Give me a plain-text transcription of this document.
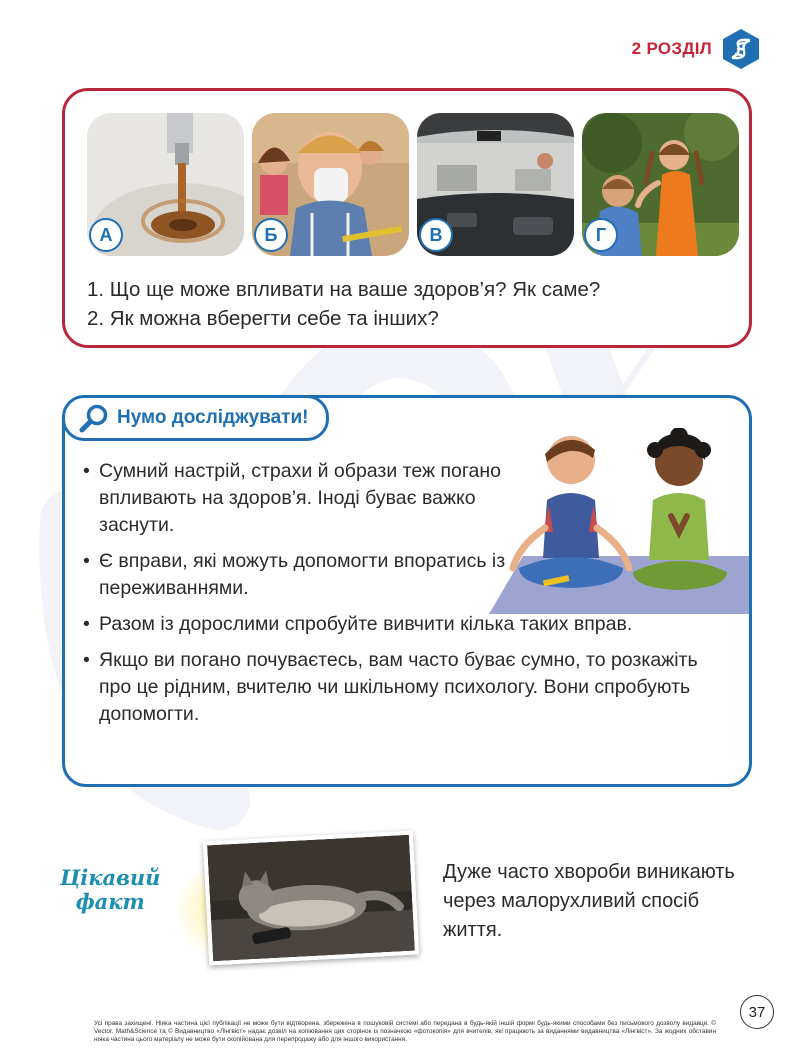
2 РОЗДІЛ
А	Б	В	Г
1. Що ще може впливати на ваше здоров’я? Як саме?
2. Як можна вберегти себе та інших?
Нумо досліджувати!
• Сумний настрій, страхи й образи теж погано впливають на здоров’я. Іноді буває важко заснути.
• Є вправи, які можуть допомогти впоратись із переживаннями.
• Разом із дорослими спробуйте вивчити кілька таких вправ.
• Якщо ви погано почуваєтесь, вам часто буває сумно, то розкажіть про це рідним, вчителю чи шкільному психологу. Вони спробують допомогти.
Цікавий
факт
Дуже часто хвороби виникають через малорухливий спосіб життя.
Усі права захищені. Ніяка частина цієї публікації не може бути відтворена, збережена в пошуковій системі або передана в будь-якій іншій формі будь-якими способами без письмового дозволу видавця. © Vector. Math&Science та © Видавництво «Лінгвіст» надає дозвіл на копіювання цих сторінок із позначкою «фотокопія» для вчителів, які працюють за виданнями видавництва «Лінгвіст». За жодних обставин ніяка частина цього матеріалу не може бути скопійована для перепродажу або для іншого використання.
37
